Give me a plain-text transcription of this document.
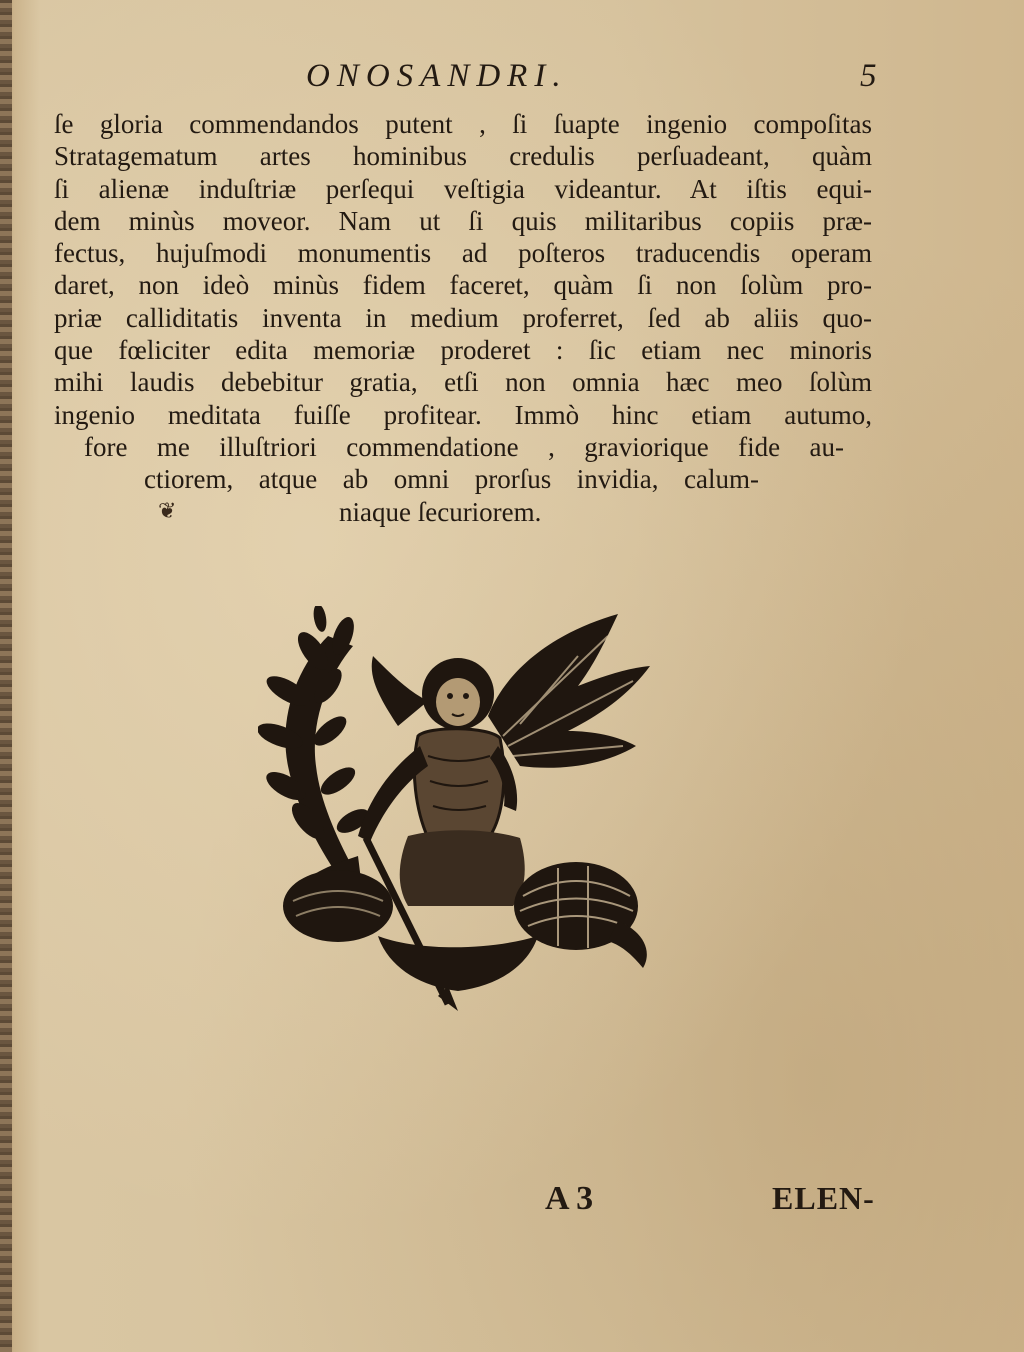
ONOSANDRI.	5
ſe gloria commendandos putent , ſi ſuapte ingenio compoſitas
Stratagematum artes hominibus credulis perſuadeant, quàm
ſi alienæ induſtriæ perſequi veſtigia videantur. At iſtis equi-
dem minùs moveor. Nam ut ſi quis militaribus copiis præ-
fectus, hujuſmodi monumentis ad poſteros traducendis operam
daret, non ideò minùs fidem faceret, quàm ſi non ſolùm pro-
priæ calliditatis inventa in medium proferret, ſed ab aliis quo-
que fœliciter edita memoriæ proderet : ſic etiam nec minoris
mihi laudis debebitur gratia, etſi non omnia hæc meo ſolùm
ingenio meditata fuiſſe profitear. Immò hinc etiam autumo,
fore me illuſtriori commendatione , graviorique fide au-
ctiorem, atque ab omni prorſus invidia, calum-
niaque ſecuriorem.
❦
A 3	ELEN-
